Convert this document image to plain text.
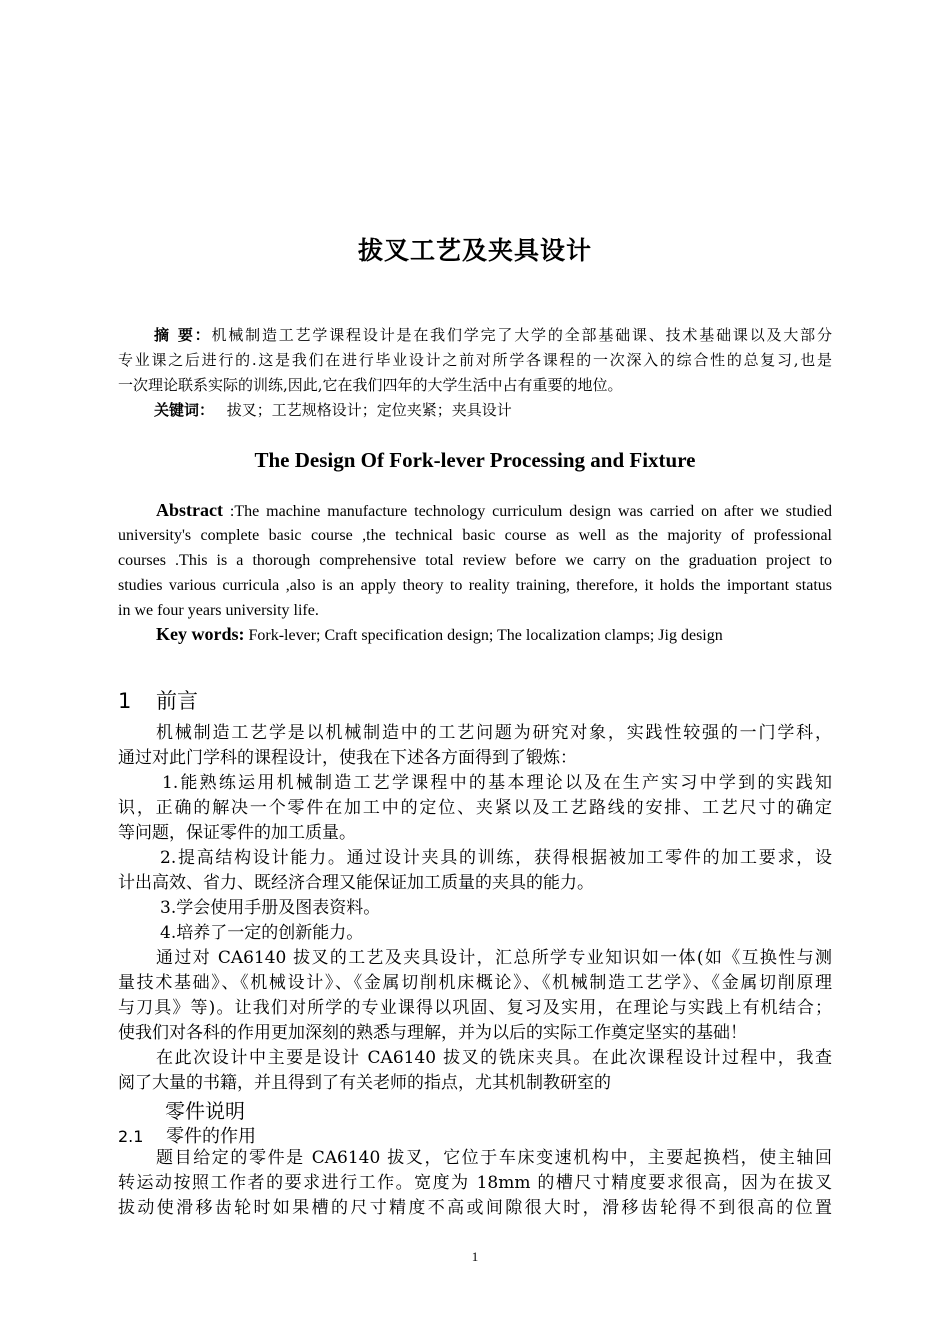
拔叉工艺及夹具设计
摘 要：机械制造工艺学课程设计是在我们学完了大学的全部基础课、技术基础课以及大部分
专业课之后进行的.这是我们在进行毕业设计之前对所学各课程的一次深入的综合性的总复习,也是
一次理论联系实际的训练,因此,它在我们四年的大学生活中占有重要的地位。
关键词： 拔叉；工艺规格设计；定位夹紧；夹具设计
The Design Of Fork-lever Processing and Fixture
Abstract :The machine manufacture technology curriculum design was carried on after we studied
university's complete basic course ,the technical basic course as well as the majority of professional
courses .This is a thorough comprehensive total review before we carry on the graduation project to
studies various curricula ,also is an apply theory to reality training, therefore, it holds the important status
in we four years university life.
Key words: Fork-lever; Craft specification design; The localization clamps; Jig design
1 前言
机械制造工艺学是以机械制造中的工艺问题为研究对象，实践性较强的一门学科，
通过对此门学科的课程设计，使我在下述各方面得到了锻炼：
1.能熟练运用机械制造工艺学课程中的基本理论以及在生产实习中学到的实践知
识，正确的解决一个零件在加工中的定位、夹紧以及工艺路线的安排、工艺尺寸的确定
等问题，保证零件的加工质量。
2.提高结构设计能力。通过设计夹具的训练，获得根据被加工零件的加工要求，设
计出高效、省力、既经济合理又能保证加工质量的夹具的能力。
3.学会使用手册及图表资料。
4.培养了一定的创新能力。
通过对 CA6140 拔叉的工艺及夹具设计，汇总所学专业知识如一体(如《互换性与测
量技术基础》、《机械设计》、《金属切削机床概论》、《机械制造工艺学》、《金属切削原理
与刀具》等)。让我们对所学的专业课得以巩固、复习及实用，在理论与实践上有机结合；
使我们对各科的作用更加深刻的熟悉与理解，并为以后的实际工作奠定坚实的基础！
在此次设计中主要是设计 CA6140 拔叉的铣床夹具。在此次课程设计过程中，我查
阅了大量的书籍，并且得到了有关老师的指点，尤其机制教研室的
零件说明
2.1 零件的作用
题目给定的零件是 CA6140 拔叉，它位于车床变速机构中，主要起换档，使主轴回
转运动按照工作者的要求进行工作。宽度为 18mm 的槽尺寸精度要求很高，因为在拔叉
拔动使滑移齿轮时如果槽的尺寸精度不高或间隙很大时，滑移齿轮得不到很高的位置
1
